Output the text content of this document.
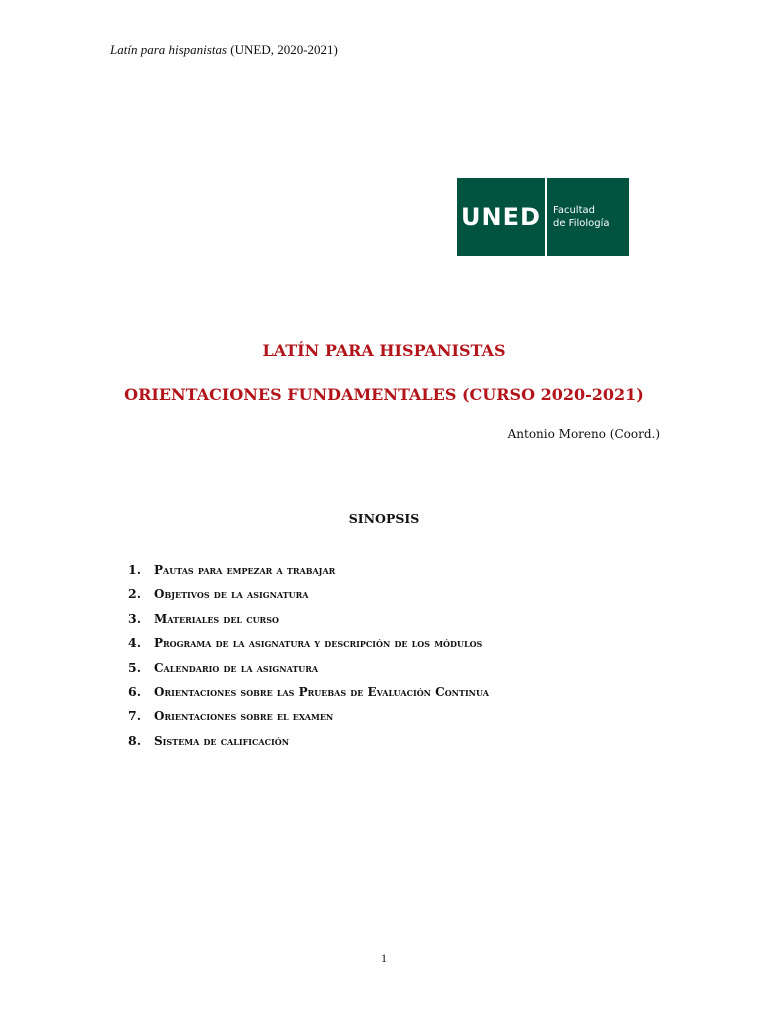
Latín para hispanistas (UNED, 2020-2021)
UNED	Facultad
de Filología
LATÍN PARA HISPANISTAS
ORIENTACIONES FUNDAMENTALES (CURSO 2020-2021)
Antonio Moreno (Coord.)
SINOPSIS
1.	Pautas para empezar a trabajar
2.	Objetivos de la asignatura
3.	Materiales del curso
4.	Programa de la asignatura y descripción de los módulos
5.	Calendario de la asignatura
6.	Orientaciones sobre las Pruebas de Evaluación Continua
7.	Orientaciones sobre el examen
8.	Sistema de calificación
1
